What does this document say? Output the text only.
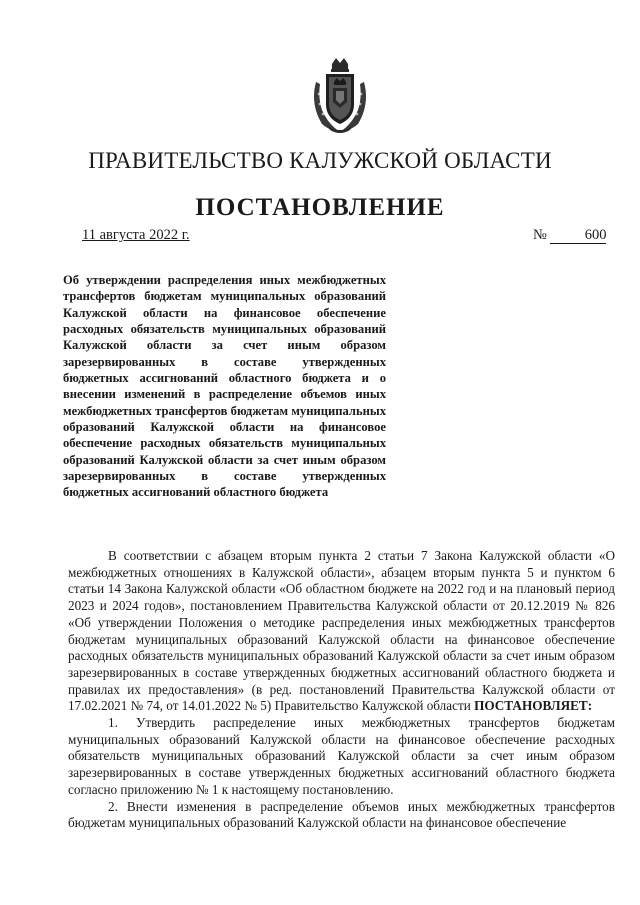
ПРАВИТЕЛЬСТВО КАЛУЖСКОЙ ОБЛАСТИ
ПОСТАНОВЛЕНИЕ
11 августа 2022 г.	№	600
Об утверждении распределения иных межбюджетных трансфертов бюджетам муниципальных образований Калужской области на финансовое обеспечение расходных обязательств муниципальных образований Калужской области за счет иным образом зарезервированных в составе утвержденных бюджетных ассигнований областного бюджета и о внесении изменений в распределение объемов иных межбюджетных трансфертов бюджетам муниципальных образований Калужской области на финансовое обеспечение расходных обязательств муниципальных образований Калужской области за счет иным образом зарезервированных в составе утвержденных бюджетных ассигнований областного бюджета

В соответствии с абзацем вторым пункта 2 статьи 7 Закона Калужской области «О межбюджетных отношениях в Калужской области», абзацем вторым пункта 5 и пунктом 6 статьи 14 Закона Калужской области «Об областном бюджете на 2022 год и на плановый период 2023 и 2024 годов», постановлением Правительства Калужской области от 20.12.2019 № 826 «Об утверждении Положения о методике распределения иных межбюджетных трансфертов бюджетам муниципальных образований Калужской области на финансовое обеспечение расходных обязательств муниципальных образований Калужской области за счет иным образом зарезервированных в составе утвержденных бюджетных ассигнований областного бюджета и правилах их предоставления» (в ред. постановлений Правительства Калужской области от 17.02.2021 № 74, от 14.01.2022 № 5) Правительство Калужской области ПОСТАНОВЛЯЕТ:

1. Утвердить распределение иных межбюджетных трансфертов бюджетам муниципальных образований Калужской области на финансовое обеспечение расходных обязательств муниципальных образований Калужской области за счет иным образом зарезервированных в составе утвержденных бюджетных ассигнований областного бюджета согласно приложению № 1 к настоящему постановлению.

2. Внести изменения в распределение объемов иных межбюджетных трансфертов бюджетам муниципальных образований Калужской области на финансовое обеспечение
